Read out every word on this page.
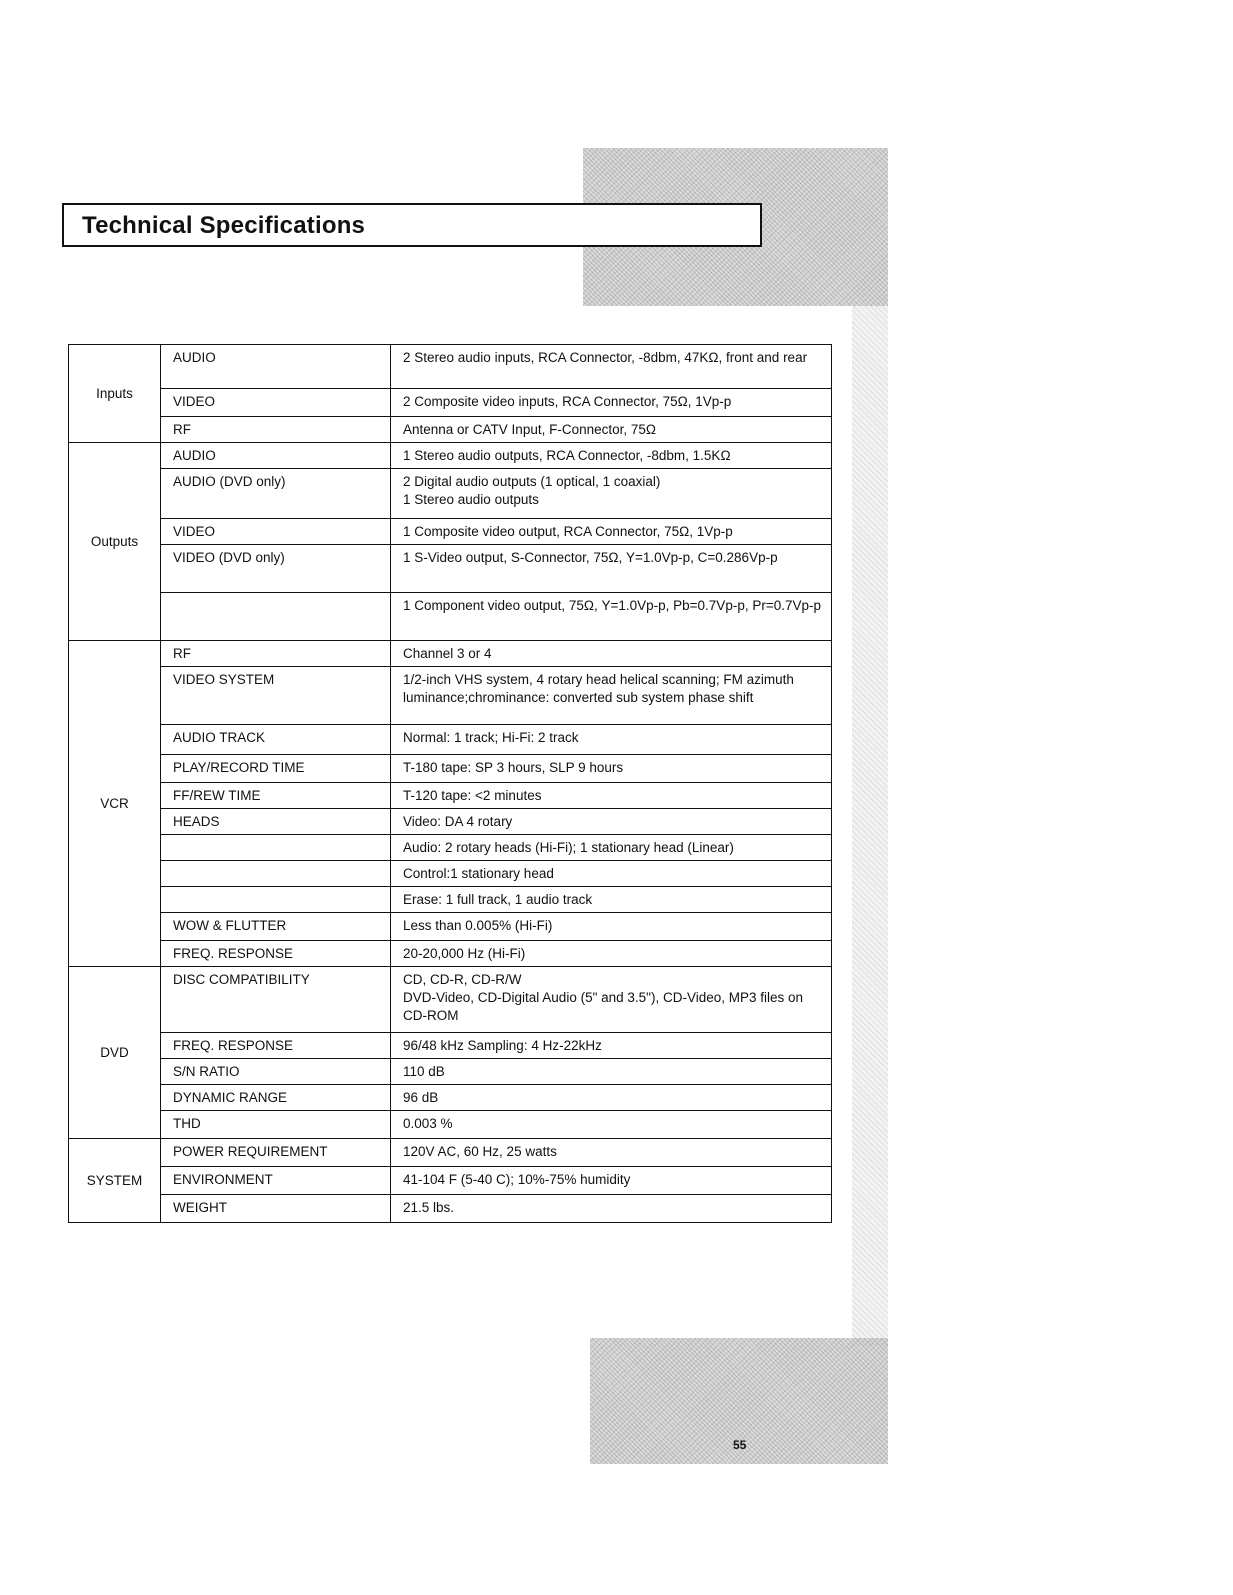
Technical Specifications
Inputs	AUDIO	2 Stereo audio inputs, RCA Connector, -8dbm, 47KΩ, front and rear
	VIDEO	2 Composite video inputs, RCA Connector, 75Ω, 1Vp-p
	RF	Antenna or CATV Input, F-Connector, 75Ω
Outputs	AUDIO	1 Stereo audio outputs, RCA Connector, -8dbm, 1.5KΩ
	AUDIO (DVD only)	2 Digital audio outputs (1 optical, 1 coaxial)
1 Stereo audio outputs
	VIDEO	1 Composite video output, RCA Connector, 75Ω, 1Vp-p
	VIDEO (DVD only)	1 S-Video output, S-Connector, 75Ω, Y=1.0Vp-p, C=0.286Vp-p
		1 Component video output, 75Ω, Y=1.0Vp-p, Pb=0.7Vp-p, Pr=0.7Vp-p
VCR	RF	Channel 3 or 4
	VIDEO SYSTEM	1/2-inch VHS system, 4 rotary head helical scanning; FM azimuth luminance;chrominance: converted sub system phase shift
	AUDIO TRACK	Normal: 1 track; Hi-Fi: 2 track
	PLAY/RECORD TIME	T-180 tape: SP 3 hours, SLP 9 hours
	FF/REW TIME	T-120 tape: <2 minutes
	HEADS	Video: DA 4 rotary
		Audio: 2 rotary heads (Hi-Fi); 1 stationary head (Linear)
		Control:1 stationary head
		Erase: 1 full track, 1 audio track
	WOW & FLUTTER	Less than 0.005% (Hi-Fi)
	FREQ. RESPONSE	20-20,000 Hz (Hi-Fi)
DVD	DISC COMPATIBILITY	CD, CD-R, CD-R/W
DVD-Video, CD-Digital Audio (5" and 3.5"), CD-Video, MP3 files on CD-ROM
	FREQ. RESPONSE	96/48 kHz Sampling: 4 Hz-22kHz
	S/N RATIO	110 dB
	DYNAMIC RANGE	96 dB
	THD	0.003 %
SYSTEM	POWER REQUIREMENT	120V AC, 60 Hz, 25 watts
	ENVIRONMENT	41-104 F (5-40 C); 10%-75% humidity
	WEIGHT	21.5 lbs.
55
